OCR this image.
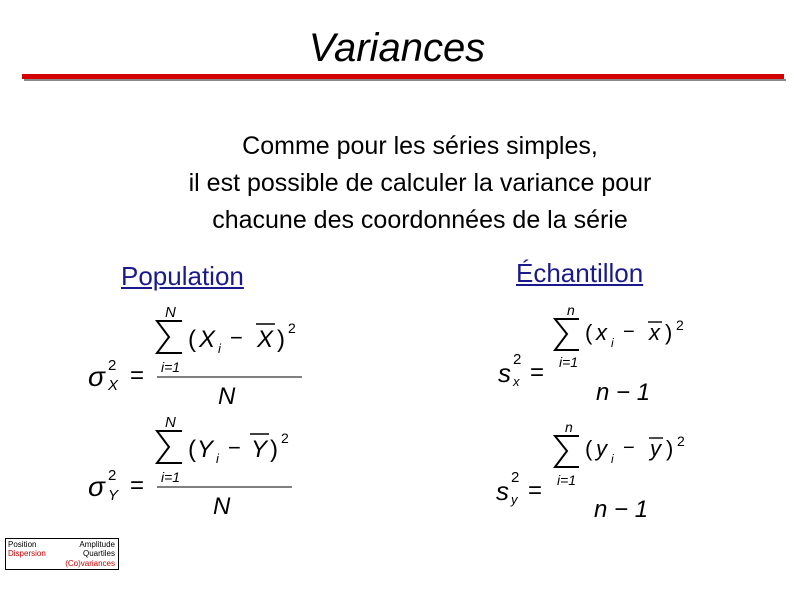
Variances
Comme pour les séries simples,
il est possible de calculer la variance pour
chacune des coordonnées de la série
Population	Échantillon
σ 2
X =
N
i=1
( X i − X ) 2
N
σ 2
Y =
N
i=1
( Y i − Y ) 2
N
s 2
x =
n
i=1
( x i − x ) 2
n − 1
s 2
y =
n
i=1
( y i − y ) 2
n − 1
Position
Dispersion
Amplitude
Quartiles
(Co)variances
